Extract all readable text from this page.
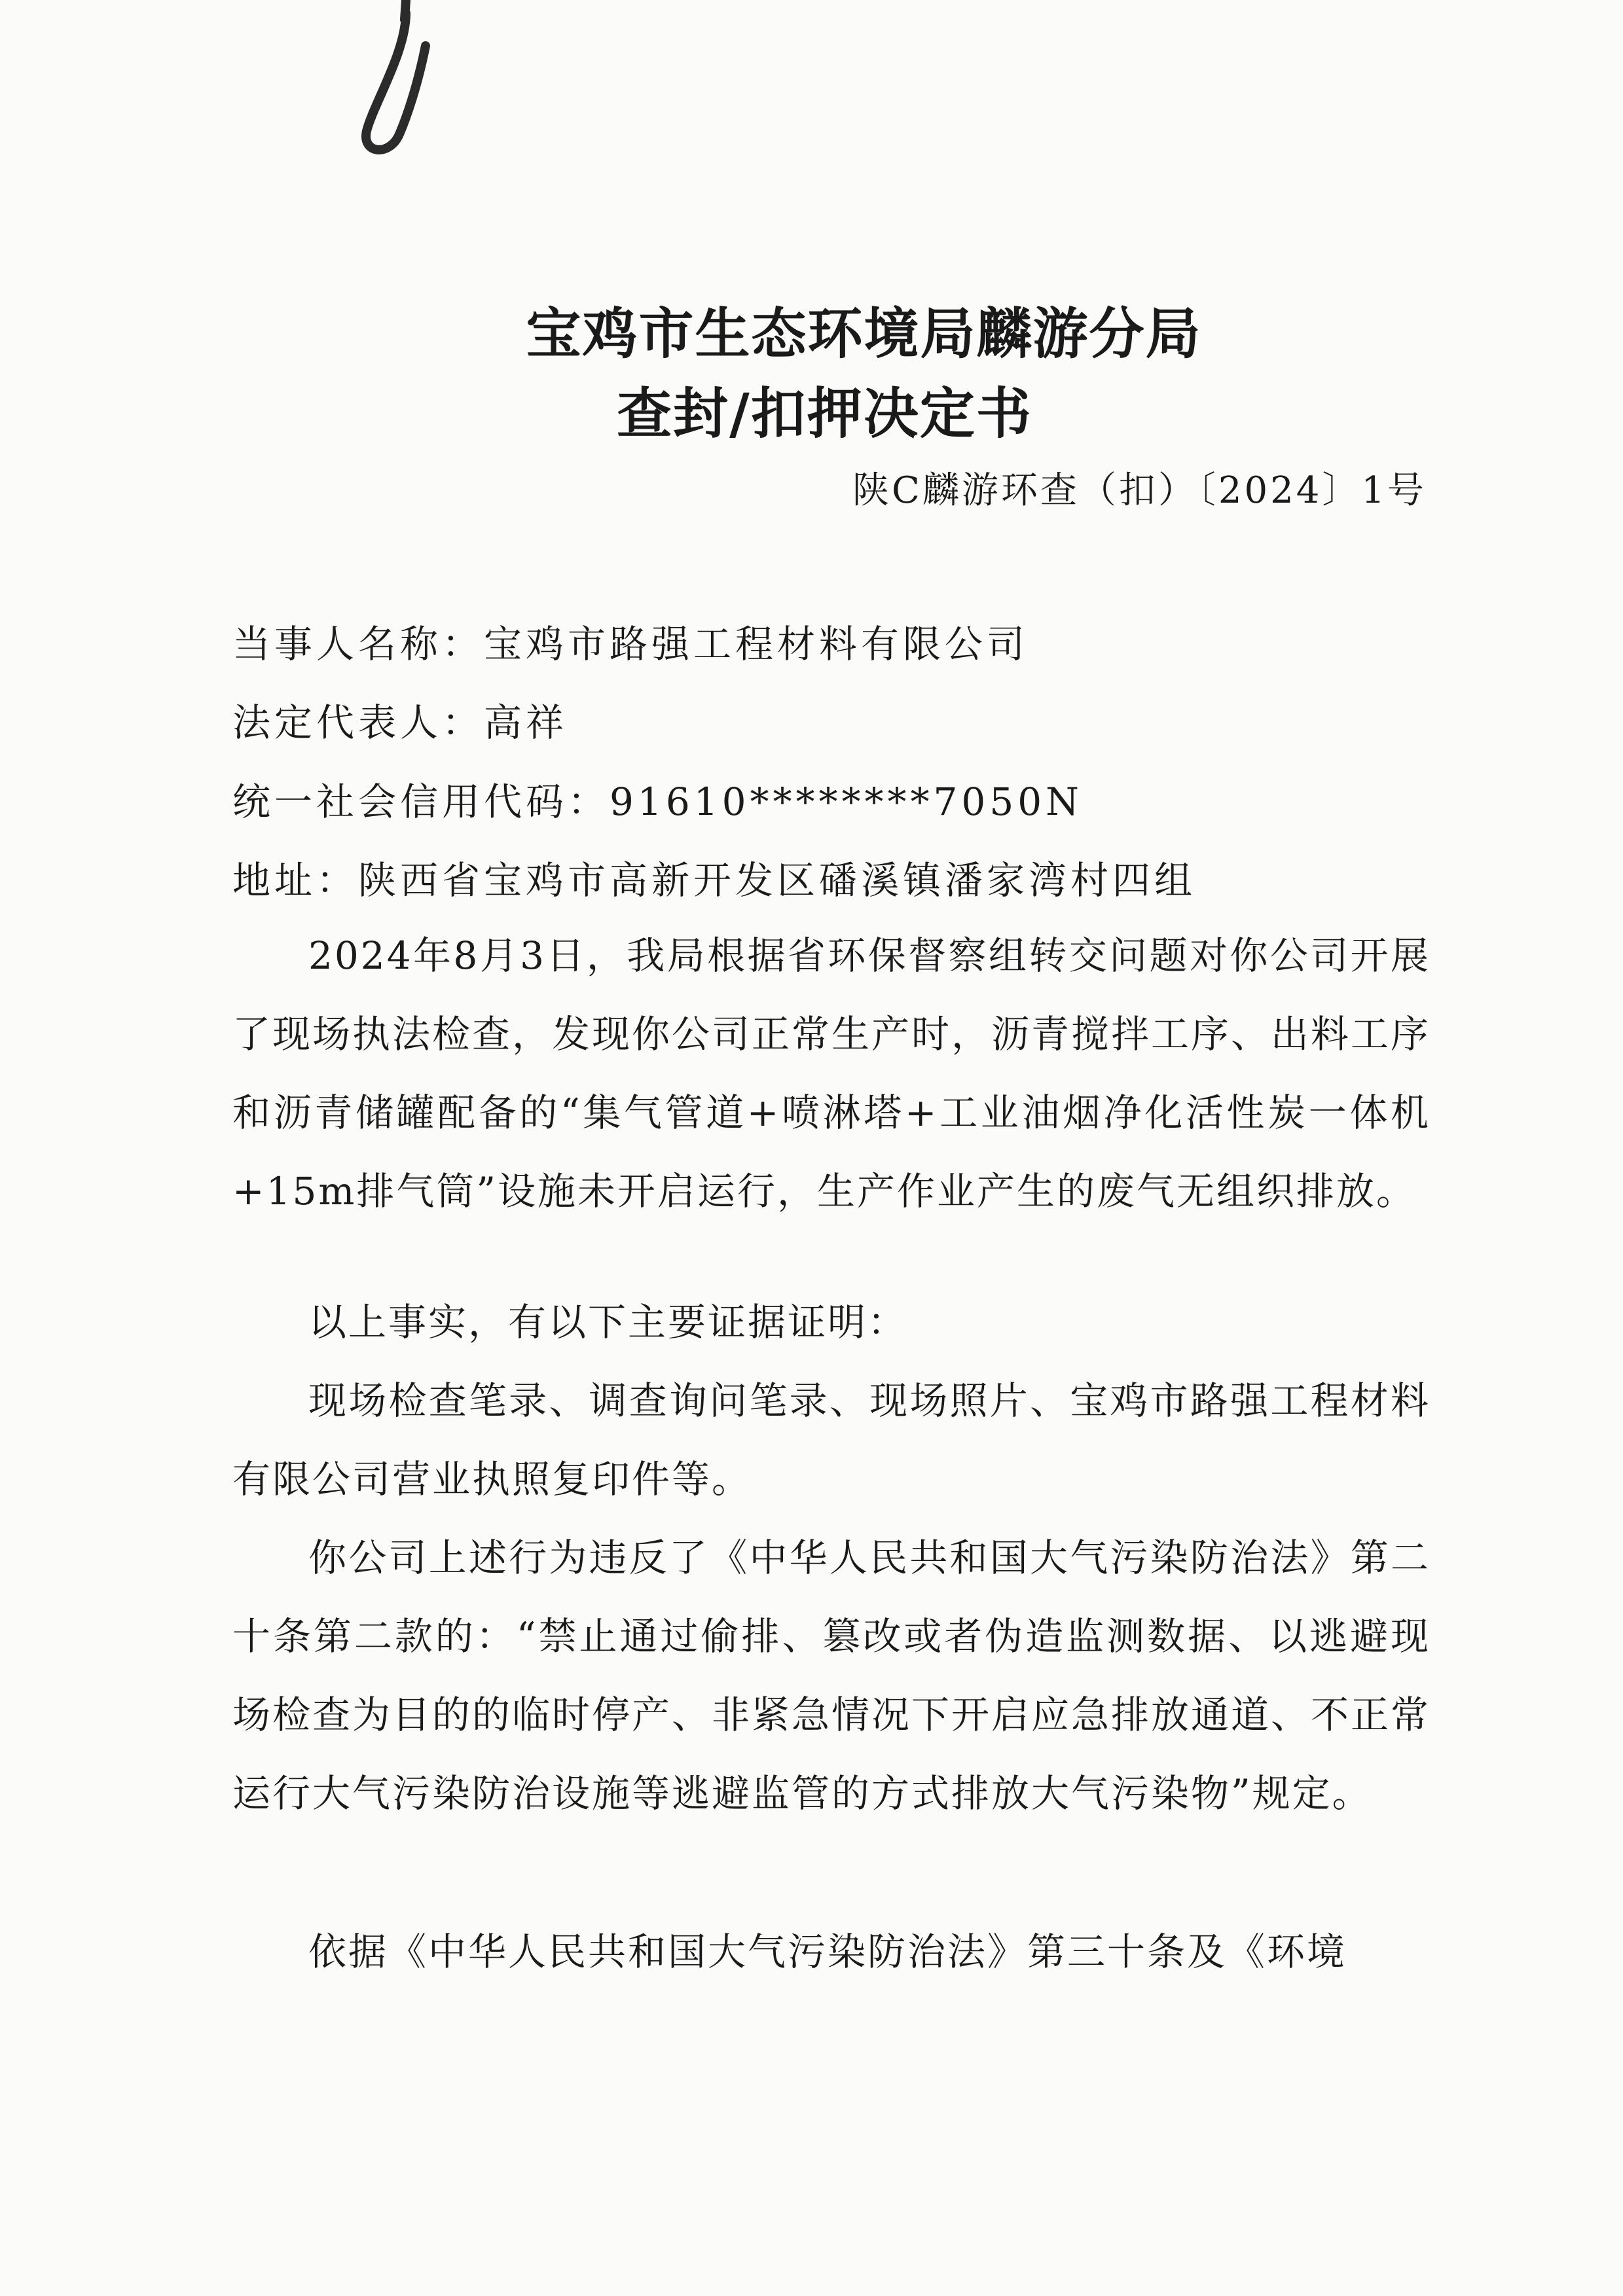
宝鸡市生态环境局麟游分局
查封/扣押决定书
陕C麟游环查（扣）〔2024〕1号
当事人名称：宝鸡市路强工程材料有限公司
法定代表人：高祥
统一社会信用代码：91610********7050N
地址：陕西省宝鸡市高新开发区磻溪镇潘家湾村四组
2024年8月3日，我局根据省环保督察组转交问题对你公司开展了现场执法检查，发现你公司正常生产时，沥青搅拌工序、出料工序和沥青储罐配备的“集气管道+喷淋塔+工业油烟净化活性炭一体机+15m排气筒”设施未开启运行，生产作业产生的废气无组织排放。
以上事实，有以下主要证据证明：
现场检查笔录、调查询问笔录、现场照片、宝鸡市路强工程材料有限公司营业执照复印件等。
你公司上述行为违反了《中华人民共和国大气污染防治法》第二十条第二款的：“禁止通过偷排、篡改或者伪造监测数据、以逃避现场检查为目的的临时停产、非紧急情况下开启应急排放通道、不正常运行大气污染防治设施等逃避监管的方式排放大气污染物”规定。
依据《中华人民共和国大气污染防治法》第三十条及《环境
